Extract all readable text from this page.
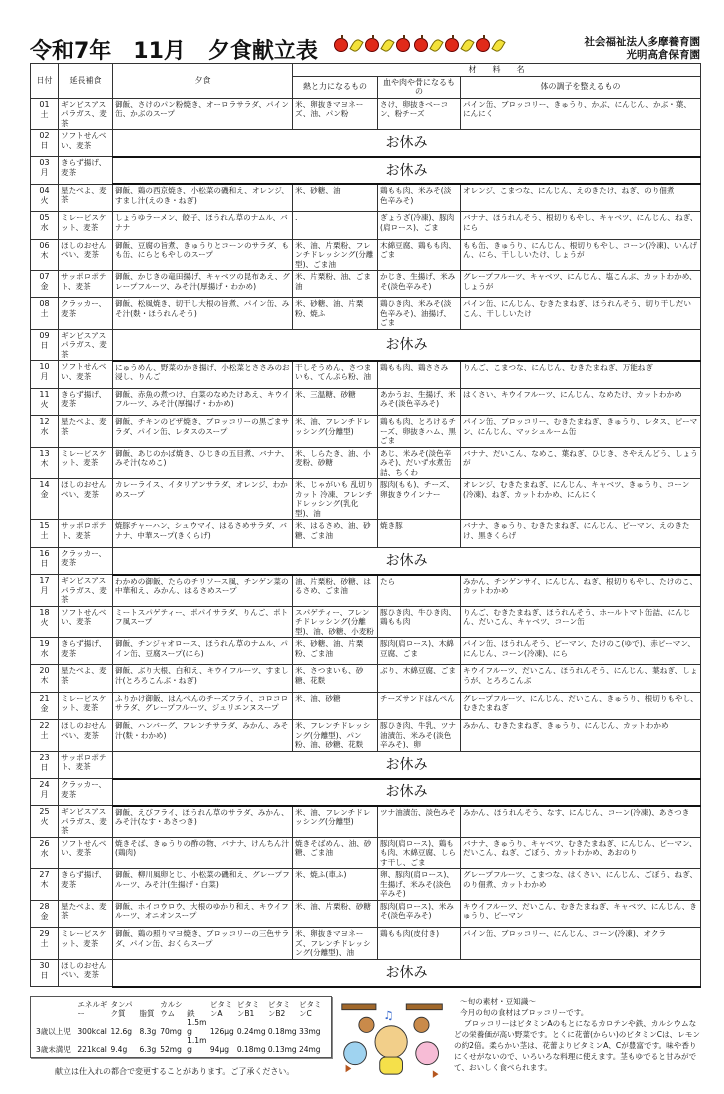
令和7年　11月　夕食献立表	社会福祉法人多摩養育園
光明高倉保育園
日付	延長補食	夕食	材　　料　　名		
			熱と力になるもの	血や肉や骨になるもの	体の調子を整えるもの

01
土	ギンビスアスパラガス、麦茶	御飯、さけのパン粉焼き、オーロラサラダ、パイン缶、かぶのスープ	米、卵抜きマヨネーズ、油、パン粉	さけ、卵抜きベーコン、粉チーズ	パイン缶、ブロッコリー、きゅうり、かぶ、にんじん、かぶ・葉、にんにく

02
日	ソフトせんべい、麦茶	お休み			

03
月	きらず揚げ、麦茶	お休み			

04
火	星たべよ、麦茶	御飯、鶏の西京焼き、小松菜の磯和え、オレンジ、すまし汁(えのき・ねぎ)	米、砂糖、油	鶏もも肉、米みそ(淡色辛みそ)	オレンジ、こまつな、にんじん、えのきたけ、ねぎ、のり佃煮

05
水	ミレービスケット、麦茶	しょうゆラーメン、餃子、ほうれん草のナムル、バナナ	.	ぎょうざ(冷凍)、豚肉(肩ロース)、ごま	バナナ、ほうれんそう、根切りもやし、キャベツ、にんじん、ねぎ、にら

06
木	ほしのおせんべい、麦茶	御飯、豆腐の旨煮、きゅうりとコーンのサラダ、もも缶、にらともやしのスープ	米、油、片栗粉、フレンチドレッシング(分離型)、ごま油	木綿豆腐、鶏もも肉、ごま	もも缶、きゅうり、にんじん、根切りもやし、コーン(冷凍)、いんげん、にら、干ししいたけ、しょうが

07
金	サッポロポテト、麦茶	御飯、かじきの竜田揚げ、キャベツの昆布あえ、グレープフルーツ、みそ汁(厚揚げ・わかめ)	米、片栗粉、油、ごま油	かじき、生揚げ、米みそ(淡色辛みそ)	グレープフルーツ、キャベツ、にんじん、塩こんぶ、カットわかめ、しょうが

08
土	クラッカー、麦茶	御飯、松風焼き、切干し大根の旨煮、パイン缶、みそ汁(麩・ほうれんそう)	米、砂糖、油、片栗粉、焼ふ	鶏ひき肉、米みそ(淡色辛みそ)、油揚げ、ごま	パイン缶、にんじん、むきたまねぎ、ほうれんそう、切り干しだいこん、干ししいたけ

09
日	ギンビスアスパラガス、麦茶	お休み			

10
月	ソフトせんべい、麦茶	にゅうめん、野菜のかき揚げ、小松菜とささみのお浸し、りんご	干しそうめん、さつまいも、てんぷら粉、油	鶏もも肉、鶏ささみ	りんご、こまつな、にんじん、むきたまねぎ、万能ねぎ

11
火	きらず揚げ、麦茶	御飯、赤魚の煮つけ、白菜のなめたけあえ、キウイフルーツ、みそ汁(厚揚げ・わかめ)	米、三温糖、砂糖	あかうお、生揚げ、米みそ(淡色辛みそ)	はくさい、キウイフルーツ、にんじん、なめたけ、カットわかめ

12
水	星たべよ、麦茶	御飯、チキンのピザ焼き、ブロッコリーの黒ごまサラダ、パイン缶、レタスのスープ	米、油、フレンチドレッシング(分離型)	鶏もも肉、とろけるチーズ、卵抜きハム、黒ごま	パイン缶、ブロッコリー、むきたまねぎ、きゅうり、レタス、ピーマン、にんじん、マッシュルーム缶

13
木	ミレービスケット、麦茶	御飯、あじのかば焼き、ひじきの五目煮、バナナ、みそ汁(なめこ)	米、しらたき、油、小麦粉、砂糖	あじ、米みそ(淡色辛みそ)、だいず水煮缶詰、ちくわ	バナナ、だいこん、なめこ、葉ねぎ、ひじき、さやえんどう、しょうが

14
金	ほしのおせんべい、麦茶	カレーライス、イタリアンサラダ、オレンジ、わかめスープ	米、じゃがいも 乱切りカット 冷凍、フレンチドレッシング(乳化型)、油	豚肉(もも)、チーズ、卵抜きウインナー	オレンジ、むきたまねぎ、にんじん、キャベツ、きゅうり、コーン(冷凍)、ねぎ、カットわかめ、にんにく

15
土	サッポロポテト、麦茶	焼豚チャーハン、シュウマイ、はるさめサラダ、バナナ、中華スープ(きくらげ)	米、はるさめ、油、砂糖、ごま油	焼き豚	バナナ、きゅうり、むきたまねぎ、にんじん、ピーマン、えのきたけ、黒きくらげ

16
日	クラッカー、麦茶	お休み			

17
月	ギンビスアスパラガス、麦茶	わかめの御飯、たらのチリソース風、チンゲン菜の中華和え、みかん、はるさめスープ	油、片栗粉、砂糖、はるさめ、ごま油	たら	みかん、チンゲンサイ、にんじん、ねぎ、根切りもやし、たけのこ、カットわかめ

18
火	ソフトせんべい、麦茶	ミートスパゲティー、ポパイサラダ、りんご、ポトフ風スープ	スパゲティー、フレンチドレッシング(分離型)、油、砂糖、小麦粉	豚ひき肉、牛ひき肉、鶏もも肉	りんご、むきたまねぎ、ほうれんそう、ホールトマト缶詰、にんじん、だいこん、キャベツ、コーン缶

19
水	きらず揚げ、麦茶	御飯、チンジャオロース、ほうれん草のナムル、パイン缶、豆腐スープ(にら)	米、砂糖、油、片栗粉、ごま油	豚肉(肩ロース)、木綿豆腐、ごま	パイン缶、ほうれんそう、ピーマン、たけのこ(ゆで)、赤ピーマン、にんじん、コーン(冷凍)、にら

20
木	星たべよ、麦茶	御飯、ぶり大根、白和え、キウイフルーツ、すまし汁(とろろこんぶ・ねぎ)	米、さつまいも、砂糖、花麩	ぶり、木綿豆腐、ごま	キウイフルーツ、だいこん、ほうれんそう、にんじん、葉ねぎ、しょうが、とろろこんぶ

21
金	ミレービスケット、麦茶	ふりかけ御飯、はんぺんのチーズフライ、コロコロサラダ、グレープフルーツ、ジュリエンヌスープ	米、油、砂糖	チーズサンドはんぺん	グレープフルーツ、にんじん、だいこん、きゅうり、根切りもやし、むきたまねぎ

22
土	ほしのおせんべい、麦茶	御飯、ハンバーグ、フレンチサラダ、みかん、みそ汁(麩・わかめ)	米、フレンチドレッシング(分離型)、パン粉、油、砂糖、花麩	豚ひき肉、牛乳、ツナ油漬缶、米みそ(淡色辛みそ)、卵	みかん、むきたまねぎ、きゅうり、にんじん、カットわかめ

23
日	サッポロポテト、麦茶	お休み			

24
月	クラッカー、麦茶	お休み			

25
火	ギンビスアスパラガス、麦茶	御飯、えびフライ、ほうれん草のサラダ、みかん、みそ汁(なす・あさつき)	米、油、フレンチドレッシング(分離型)	ツナ油漬缶、淡色みそ	みかん、ほうれんそう、なす、にんじん、コーン(冷凍)、あさつき

26
水	ソフトせんべい、麦茶	焼きそば、きゅうりの酢の物、バナナ、けんちん汁(鶏肉)	焼きそばめん、油、砂糖、ごま油	豚肉(肩ロース)、鶏もも肉、木綿豆腐、しらす干し、ごま	バナナ、きゅうり、キャベツ、むきたまねぎ、にんじん、ピーマン、だいこん、ねぎ、ごぼう、カットわかめ、あおのり

27
木	きらず揚げ、麦茶	御飯、柳川風卵とじ、小松菜の磯和え、グレープフルーツ、みそ汁(生揚げ・白菜)	米、焼ふ(車ふ)	卵、豚肉(肩ロース)、生揚げ、米みそ(淡色辛みそ)	グレープフルーツ、こまつな、はくさい、にんじん、ごぼう、ねぎ、のり佃煮、カットわかめ

28
金	星たべよ、麦茶	御飯、ホイコウロウ、大根のゆかり和え、キウイフルーツ、オニオンスープ	米、油、片栗粉、砂糖	豚肉(肩ロース)、米みそ(淡色辛みそ)	キウイフルーツ、だいこん、むきたまねぎ、キャベツ、にんじん、きゅうり、ピーマン

29
土	ミレービスケット、麦茶	御飯、鶏の照りマヨ焼き、ブロッコリーの三色サラダ、パイン缶、おくらスープ	米、卵抜きマヨネーズ、フレンチドレッシング(分離型)、油	鶏もも肉(皮付き)	パイン缶、ブロッコリー、にんじん、コーン(冷凍)、オクラ

30
日	ほしのおせんべい、麦茶	お休み			
	エネルギー	タンパク質	脂質	カルシウム	鉄	ビタミンA	ビタミンB1	ビタミンB2	ビタミンC
3歳以上児	300kcal	12.6g	8.3g	70mg	1.5mg	126μg	0.24mg	0.18mg	33mg
3歳未満児	221kcal	9.4g	6.3g	52mg	1.1mg	94μg	0.18mg	0.13mg	24mg
献立は仕入れの都合で変更することがあります。ご了承ください。
♫
～旬の素材・豆知識～
今月の旬の食材はブロッコリーです。
ブロッコリーはビタミンAのもとになるカロテンや鉄、カルシウムなどの栄養価が高い野菜です。とくに花蕾(からい)のビタミンCは、レモンの約2倍。柔らかい茎は、花蕾よりビタミンA、Cが豊富です。味や香りにくせがないので、いろいろな料理に使えます。茎もゆでると甘みがでて、おいしく食べられます。
